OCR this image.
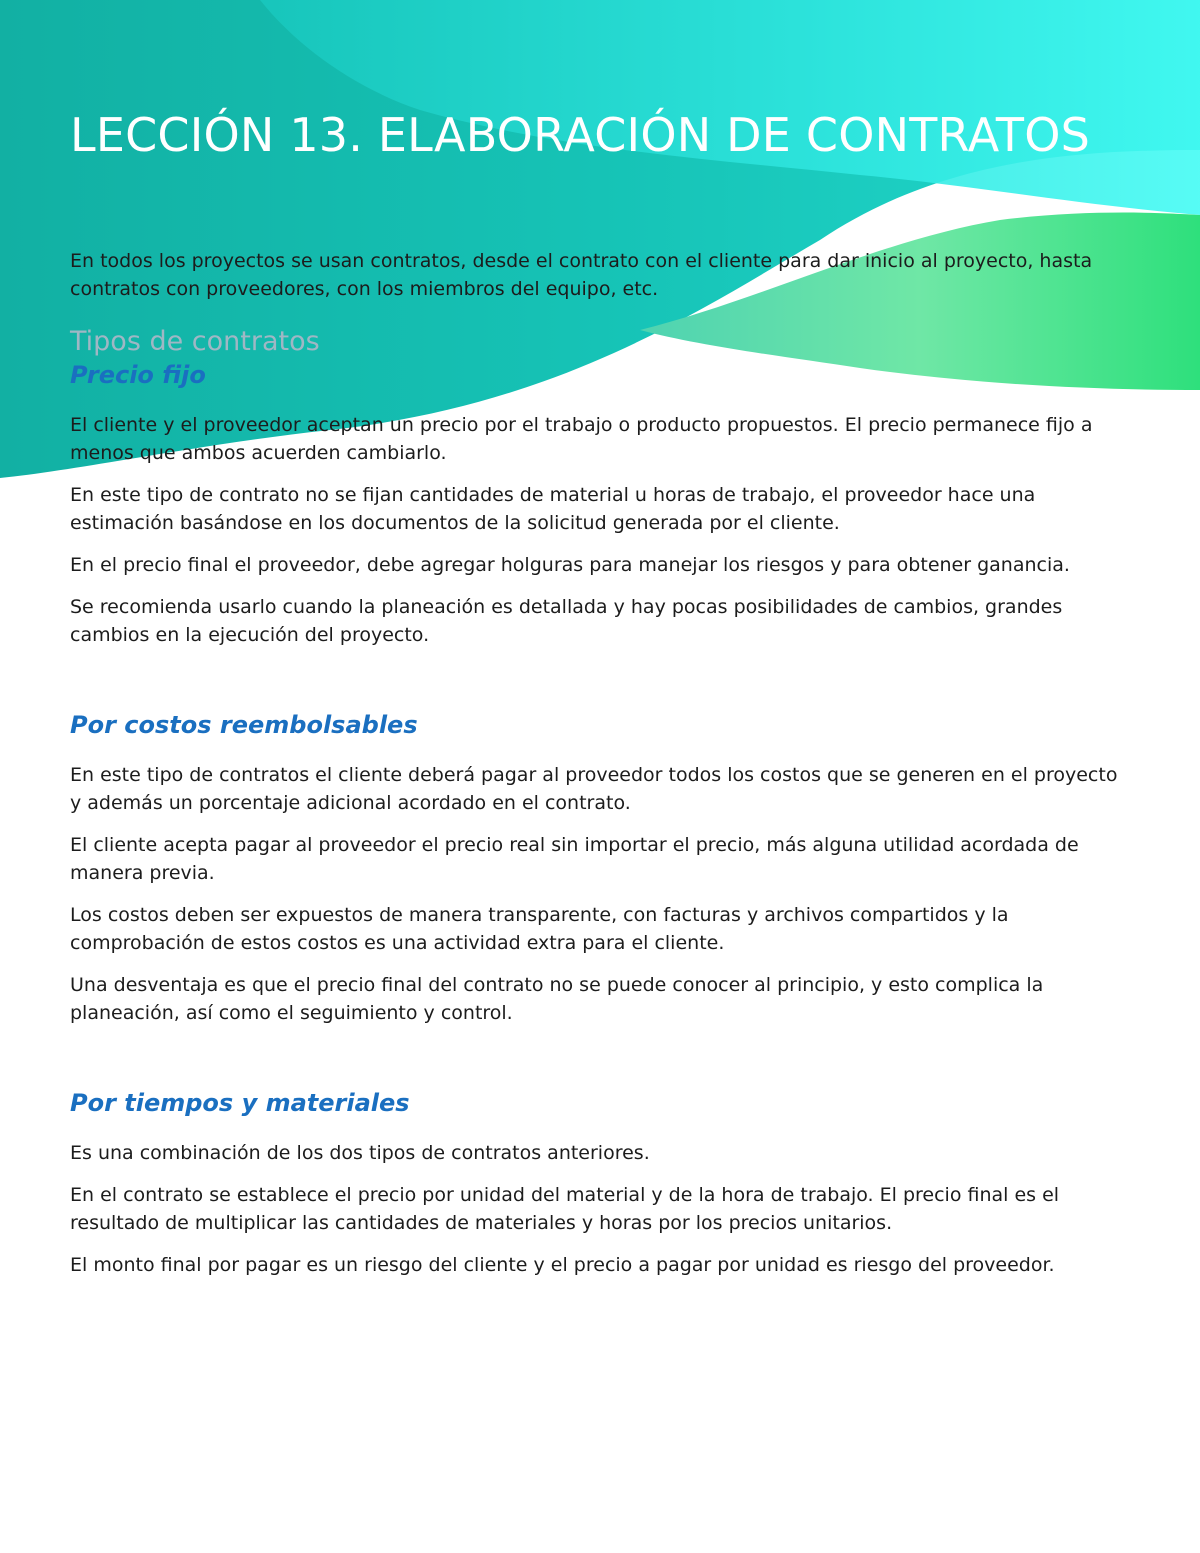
LECCIÓN 13. ELABORACIÓN DE CONTRATOS

En todos los proyectos se usan contratos, desde el contrato con el cliente para dar inicio al proyecto, hasta contratos con proveedores, con los miembros del equipo, etc.

Tipos de contratos
Precio fijo

El cliente y el proveedor aceptan un precio por el trabajo o producto propuestos. El precio permanece fijo a menos que ambos acuerden cambiarlo.

En este tipo de contrato no se fijan cantidades de material u horas de trabajo, el proveedor hace una estimación basándose en los documentos de la solicitud generada por el cliente.

En el precio final el proveedor, debe agregar holguras para manejar los riesgos y para obtener ganancia.

Se recomienda usarlo cuando la planeación es detallada y hay pocas posibilidades de cambios, grandes cambios en la ejecución del proyecto.

Por costos reembolsables

En este tipo de contratos el cliente deberá pagar al proveedor todos los costos que se generen en el proyecto y además un porcentaje adicional acordado en el contrato.

El cliente acepta pagar al proveedor el precio real sin importar el precio, más alguna utilidad acordada de manera previa.

Los costos deben ser expuestos de manera transparente, con facturas y archivos compartidos y la comprobación de estos costos es una actividad extra para el cliente.

Una desventaja es que el precio final del contrato no se puede conocer al principio, y esto complica la planeación, así como el seguimiento y control.

Por tiempos y materiales

Es una combinación de los dos tipos de contratos anteriores.

En el contrato se establece el precio por unidad del material y de la hora de trabajo. El precio final es el resultado de multiplicar las cantidades de materiales y horas por los precios unitarios.

El monto final por pagar es un riesgo del cliente y el precio a pagar por unidad es riesgo del proveedor.
